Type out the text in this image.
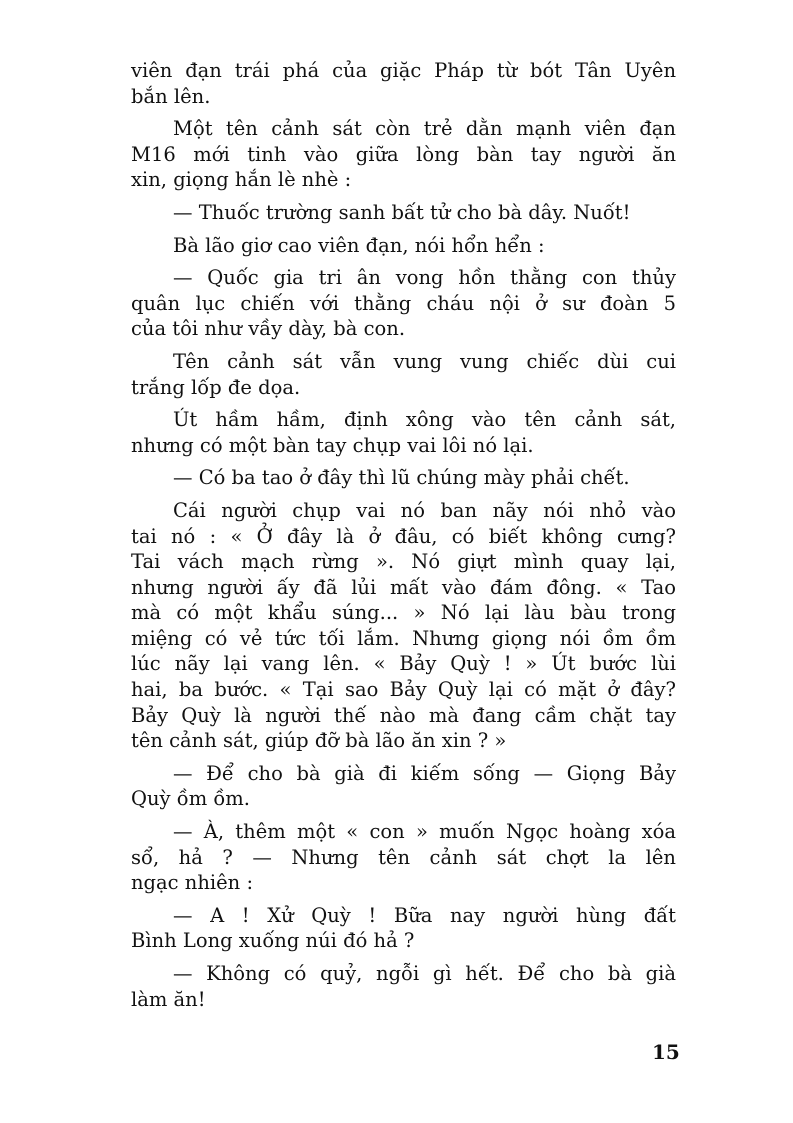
viên đạn trái phá của giặc Pháp từ bót Tân Uyên
bắn lên.

Một tên cảnh sát còn trẻ dằn mạnh viên đạn
M16 mới tinh vào giữa lòng bàn tay người ăn
xin, giọng hắn lè nhè :

— Thuốc trường sanh bất tử cho bà dây. Nuốt!

Bà lão giơ cao viên đạn, nói hổn hển :

— Quốc gia tri ân vong hồn thằng con thủy
quân lục chiến với thằng cháu nội ở sư đoàn 5
của tôi như vầy dày, bà con.

Tên cảnh sát vẫn vung vung chiếc dùi cui
trắng lốp đe dọa.

Út hầm hầm, định xông vào tên cảnh sát,
nhưng có một bàn tay chụp vai lôi nó lại.

— Có ba tao ở đây thì lũ chúng mày phải chết.

Cái người chụp vai nó ban nãy nói nhỏ vào
tai nó : « Ở đây là ở đâu, có biết không cưng?
Tai vách mạch rừng ». Nó giựt mình quay lại,
nhưng người ấy đã lủi mất vào đám đông. « Tao
mà có một khẩu súng... » Nó lại làu bàu trong
miệng có vẻ tức tối lắm. Nhưng giọng nói ồm ồm
lúc nãy lại vang lên. « Bảy Quỳ ! » Út bước lùi
hai, ba bước. « Tại sao Bảy Quỳ lại có mặt ở đây?
Bảy Quỳ là người thế nào mà đang cầm chặt tay
tên cảnh sát, giúp đỡ bà lão ăn xin ? »

— Để cho bà già đi kiếm sống — Giọng Bảy
Quỳ ồm ồm.

— À, thêm một « con » muốn Ngọc hoàng xóa
sổ, hả ? — Nhưng tên cảnh sát chợt la lên
ngạc nhiên :

— A ! Xử Quỳ ! Bữa nay người hùng đất
Bình Long xuống núi đó hả ?

— Không có quỷ, ngỗi gì hết. Để cho bà già
làm ăn!

15
